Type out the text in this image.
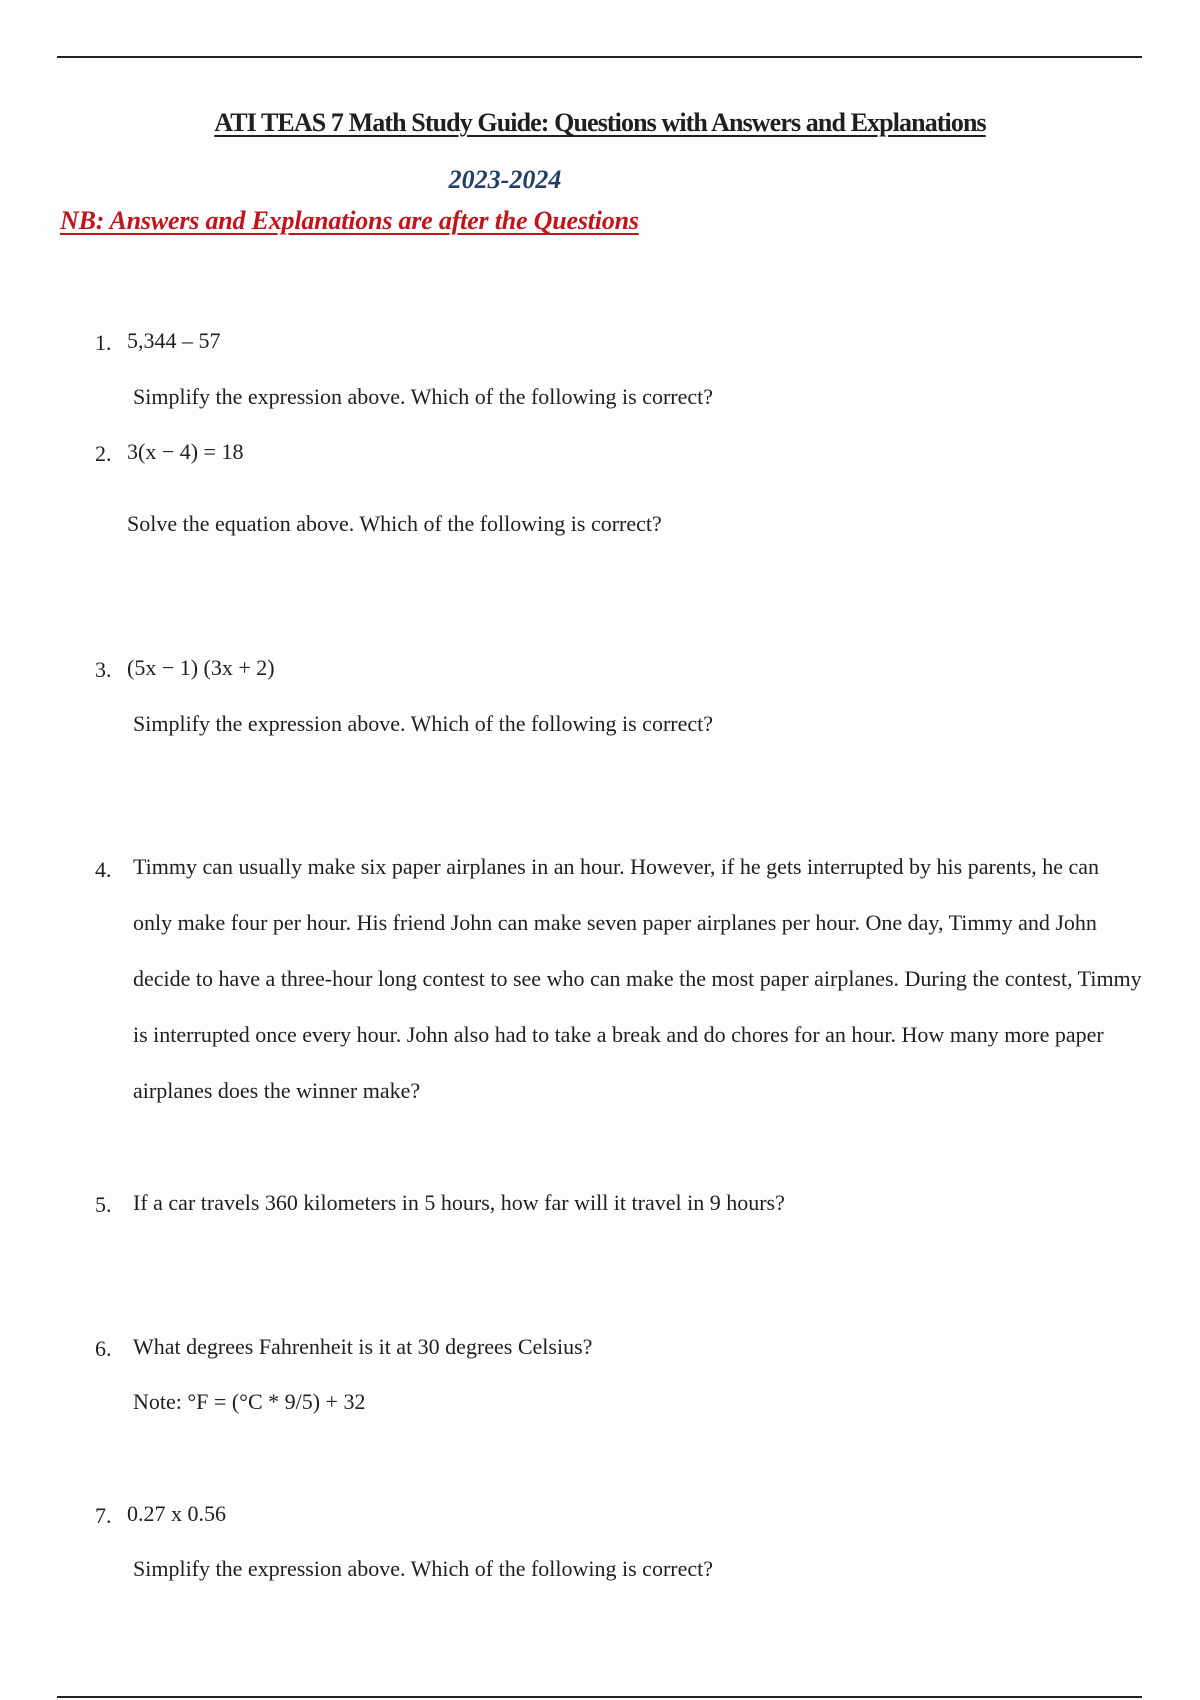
ATI TEAS 7 Math Study Guide: Questions with Answers and Explanations
2023-2024
NB: Answers and Explanations are after the Questions
1. 5,344 – 57
Simplify the expression above. Which of the following is correct?
2. 3(x − 4) = 18
Solve the equation above. Which of the following is correct?
3. (5x − 1) (3x + 2)
Simplify the expression above. Which of the following is correct?
4. Timmy can usually make six paper airplanes in an hour. However, if he gets interrupted by his parents, he can only make four per hour. His friend John can make seven paper airplanes per hour. One day, Timmy and John decide to have a three-hour long contest to see who can make the most paper airplanes. During the contest, Timmy is interrupted once every hour. John also had to take a break and do chores for an hour. How many more paper airplanes does the winner make?
5. If a car travels 360 kilometers in 5 hours, how far will it travel in 9 hours?
6. What degrees Fahrenheit is it at 30 degrees Celsius?
Note: °F = (°C * 9/5) + 32
7. 0.27 x 0.56
Simplify the expression above. Which of the following is correct?
